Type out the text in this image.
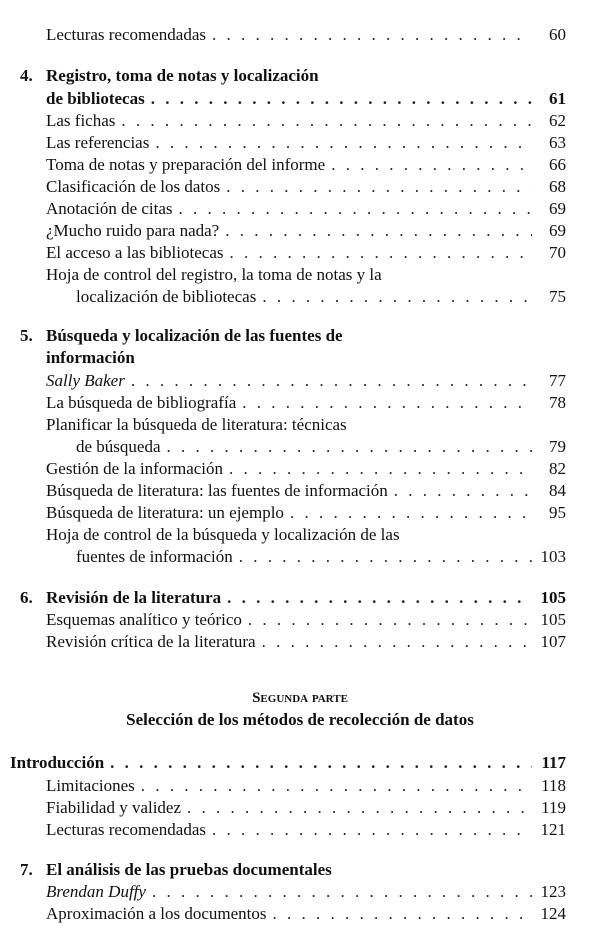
Lecturas recomendadas . . .	60
4. Registro, toma de notas y localización
de bibliotecas . . .	61
Las fichas . . .	62
Las referencias . . .	63
Toma de notas y preparación del informe . . .	66
Clasificación de los datos . . .	68
Anotación de citas . . .	69
¿Mucho ruido para nada? . . .	69
El acceso a las bibliotecas . . .	70
Hoja de control del registro, la toma de notas y la
localización de bibliotecas . . .	75
5. Búsqueda y localización de las fuentes de
información
Sally Baker . . .	77
La búsqueda de bibliografía . . .	78
Planificar la búsqueda de literatura: técnicas
de búsqueda . . .	79
Gestión de la información . . .	82
Búsqueda de literatura: las fuentes de información . . .	84
Búsqueda de literatura: un ejemplo . . .	95
Hoja de control de la búsqueda y localización de las
fuentes de información . . .	103
6. Revisión de la literatura . . .	105
Esquemas analítico y teórico . . .	105
Revisión crítica de la literatura . . .	107
Segunda parte
Selección de los métodos de recolección de datos
Introducción . . .	117
Limitaciones . . .	118
Fiabilidad y validez . . .	119
Lecturas recomendadas . . .	121
7. El análisis de las pruebas documentales
Brendan Duffy . . .	123
Aproximación a los documentos . . .	124
